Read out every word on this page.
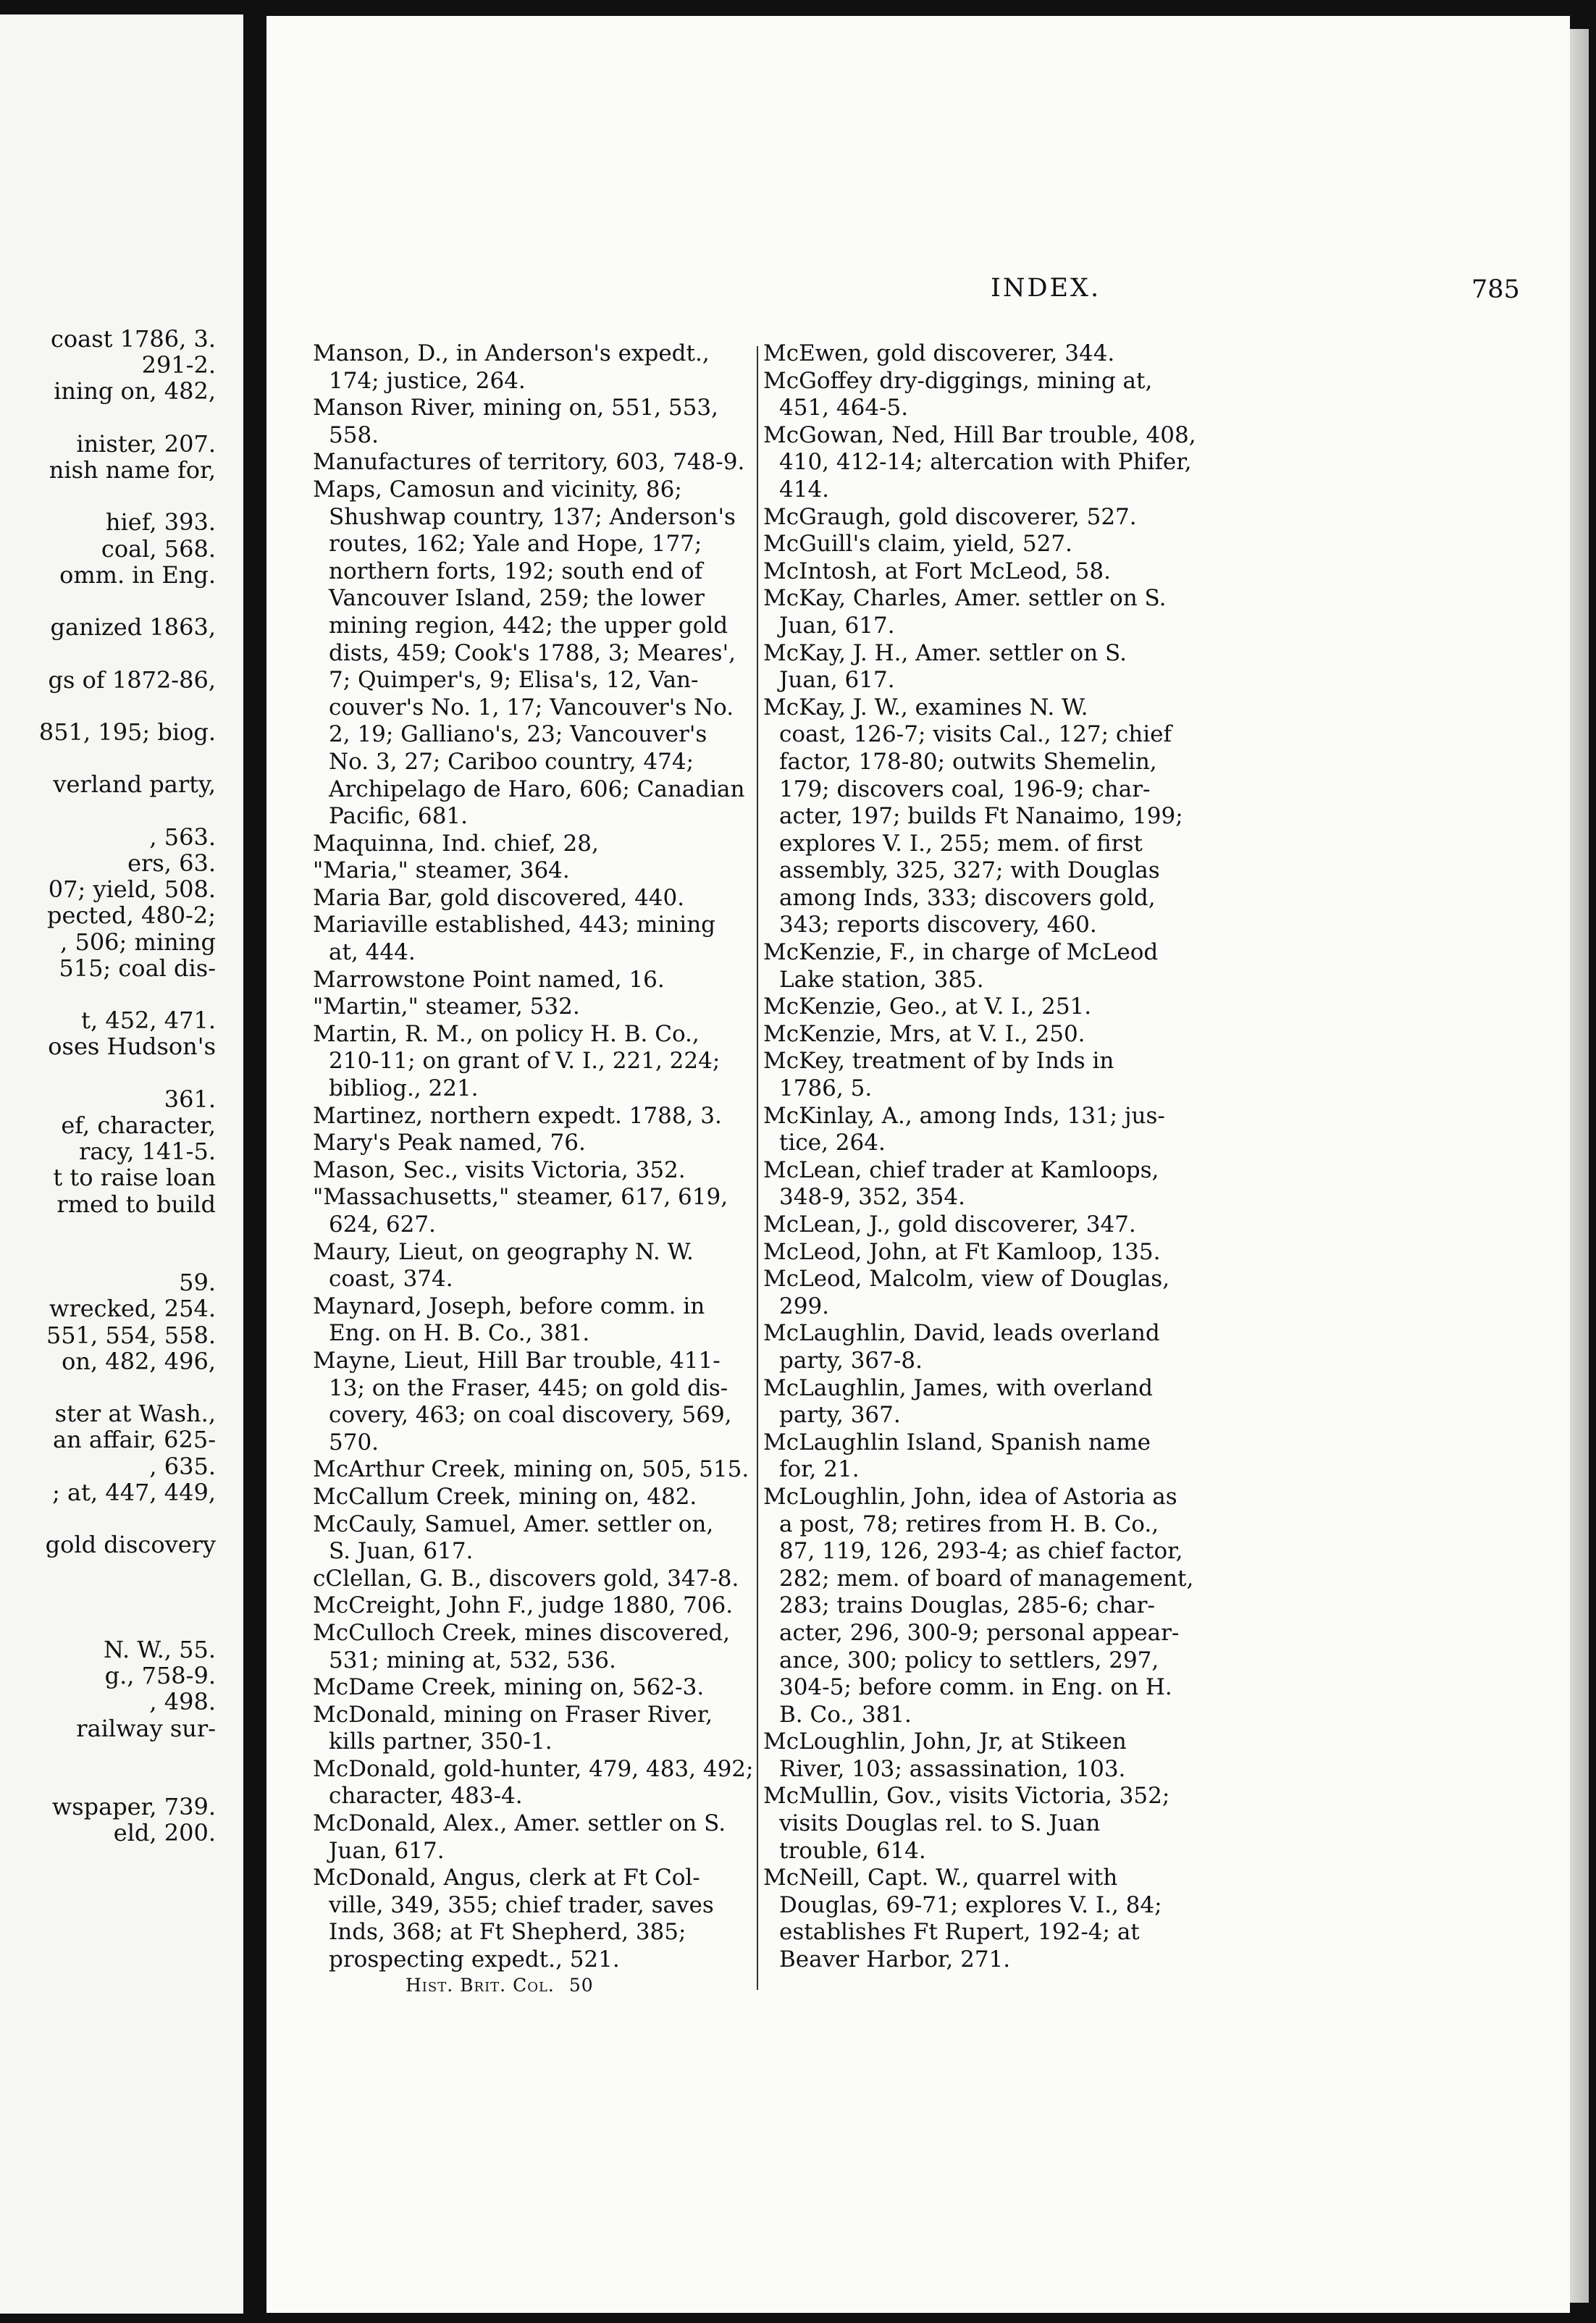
coast 1786, 3.
291-2.
ining on, 482,
inister, 207.
nish name for,
hief, 393.
coal, 568.
omm. in Eng.
ganized 1863,
gs of 1872-86,
851, 195; biog.
verland party,
, 563.
ers, 63.
07; yield, 508.
pected, 480-2;
, 506; mining
515; coal dis-
t, 452, 471.
oses Hudson's
361.
ef, character,
racy, 141-5.
t to raise loan
rmed to build
59.
wrecked, 254.
551, 554, 558.
on, 482, 496,
ster at Wash.,
an affair, 625-
, 635.
; at, 447, 449,
gold discovery
N. W., 55.
g., 758-9.
, 498.
railway sur-
wspaper, 739.
eld, 200.
INDEX.	785
Manson, D., in Anderson's expedt.,
174; justice, 264.
Manson River, mining on, 551, 553,
558.
Manufactures of territory, 603, 748-9.
Maps, Camosun and vicinity, 86;
Shushwap country, 137; Anderson's
routes, 162; Yale and Hope, 177;
northern forts, 192; south end of
Vancouver Island, 259; the lower
mining region, 442; the upper gold
dists, 459; Cook's 1788, 3; Meares',
7; Quimper's, 9; Elisa's, 12, Van-
couver's No. 1, 17; Vancouver's No.
2, 19; Galliano's, 23; Vancouver's
No. 3, 27; Cariboo country, 474;
Archipelago de Haro, 606; Canadian
Pacific, 681.
Maquinna, Ind. chief, 28,
"Maria," steamer, 364.
Maria Bar, gold discovered, 440.
Mariaville established, 443; mining
at, 444.
Marrowstone Point named, 16.
"Martin," steamer, 532.
Martin, R. M., on policy H. B. Co.,
210-11; on grant of V. I., 221, 224;
bibliog., 221.
Martinez, northern expedt. 1788, 3.
Mary's Peak named, 76.
Mason, Sec., visits Victoria, 352.
"Massachusetts," steamer, 617, 619,
624, 627.
Maury, Lieut, on geography N. W.
coast, 374.
Maynard, Joseph, before comm. in
Eng. on H. B. Co., 381.
Mayne, Lieut, Hill Bar trouble, 411-
13; on the Fraser, 445; on gold dis-
covery, 463; on coal discovery, 569,
570.
McArthur Creek, mining on, 505, 515.
McCallum Creek, mining on, 482.
McCauly, Samuel, Amer. settler on,
S. Juan, 617.
cClellan, G. B., discovers gold, 347-8.
McCreight, John F., judge 1880, 706.
McCulloch Creek, mines discovered,
531; mining at, 532, 536.
McDame Creek, mining on, 562-3.
McDonald, mining on Fraser River,
kills partner, 350-1.
McDonald, gold-hunter, 479, 483, 492;
character, 483-4.
McDonald, Alex., Amer. settler on S.
Juan, 617.
McDonald, Angus, clerk at Ft Col-
ville, 349, 355; chief trader, saves
Inds, 368; at Ft Shepherd, 385;
prospecting expedt., 521.
McEwen, gold discoverer, 344.
McGoffey dry-diggings, mining at,
451, 464-5.
McGowan, Ned, Hill Bar trouble, 408,
410, 412-14; altercation with Phifer,
414.
McGraugh, gold discoverer, 527.
McGuill's claim, yield, 527.
McIntosh, at Fort McLeod, 58.
McKay, Charles, Amer. settler on S.
Juan, 617.
McKay, J. H., Amer. settler on S.
Juan, 617.
McKay, J. W., examines N. W.
coast, 126-7; visits Cal., 127; chief
factor, 178-80; outwits Shemelin,
179; discovers coal, 196-9; char-
acter, 197; builds Ft Nanaimo, 199;
explores V. I., 255; mem. of first
assembly, 325, 327; with Douglas
among Inds, 333; discovers gold,
343; reports discovery, 460.
McKenzie, F., in charge of McLeod
Lake station, 385.
McKenzie, Geo., at V. I., 251.
McKenzie, Mrs, at V. I., 250.
McKey, treatment of by Inds in
1786, 5.
McKinlay, A., among Inds, 131; jus-
tice, 264.
McLean, chief trader at Kamloops,
348-9, 352, 354.
McLean, J., gold discoverer, 347.
McLeod, John, at Ft Kamloop, 135.
McLeod, Malcolm, view of Douglas,
299.
McLaughlin, David, leads overland
party, 367-8.
McLaughlin, James, with overland
party, 367.
McLaughlin Island, Spanish name
for, 21.
McLoughlin, John, idea of Astoria as
a post, 78; retires from H. B. Co.,
87, 119, 126, 293-4; as chief factor,
282; mem. of board of management,
283; trains Douglas, 285-6; char-
acter, 296, 300-9; personal appear-
ance, 300; policy to settlers, 297,
304-5; before comm. in Eng. on H.
B. Co., 381.
McLoughlin, John, Jr, at Stikeen
River, 103; assassination, 103.
McMullin, Gov., visits Victoria, 352;
visits Douglas rel. to S. Juan
trouble, 614.
McNeill, Capt. W., quarrel with
Douglas, 69-71; explores V. I., 84;
establishes Ft Rupert, 192-4; at
Beaver Harbor, 271.
Hist. Brit. Col. 50
